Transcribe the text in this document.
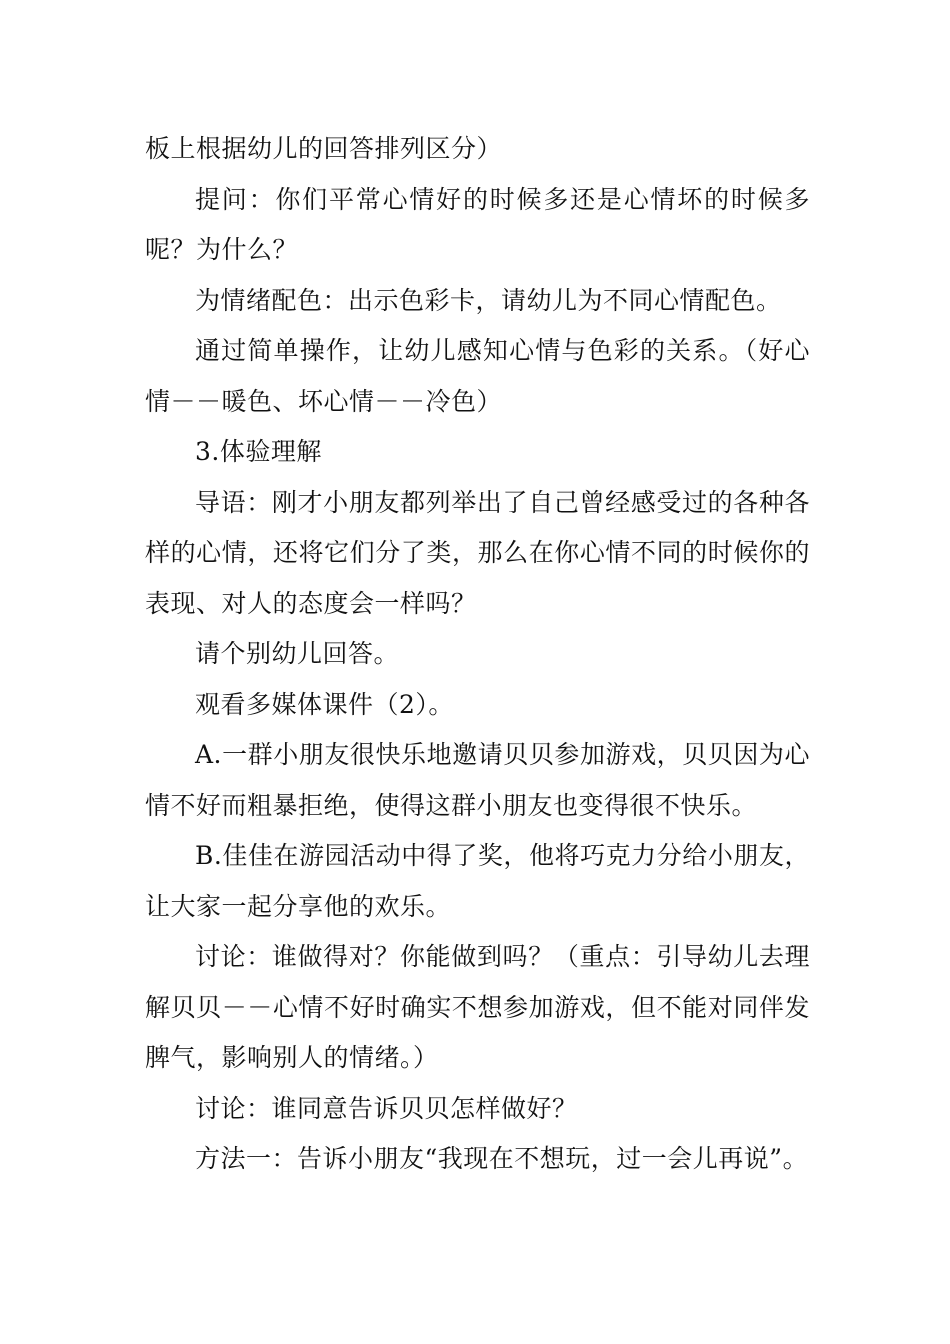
板上根据幼儿的回答排列区分）

提问：你们平常心情好的时候多还是心情坏的时候多呢？为什么？

为情绪配色：出示色彩卡，请幼儿为不同心情配色。

通过简单操作，让幼儿感知心情与色彩的关系。（好心情－－暖色、坏心情－－冷色）

3.体验理解

导语：刚才小朋友都列举出了自己曾经感受过的各种各样的心情，还将它们分了类，那么在你心情不同的时候你的表现、对人的态度会一样吗？

请个别幼儿回答。

观看多媒体课件（2）。

A.一群小朋友很快乐地邀请贝贝参加游戏，贝贝因为心情不好而粗暴拒绝，使得这群小朋友也变得很不快乐。

B.佳佳在游园活动中得了奖，他将巧克力分给小朋友，让大家一起分享他的欢乐。

讨论：谁做得对？你能做到吗？（重点：引导幼儿去理解贝贝－－心情不好时确实不想参加游戏，但不能对同伴发脾气，影响别人的情绪。）

讨论：谁同意告诉贝贝怎样做好？

方法一：告诉小朋友“我现在不想玩，过一会儿再说”。
